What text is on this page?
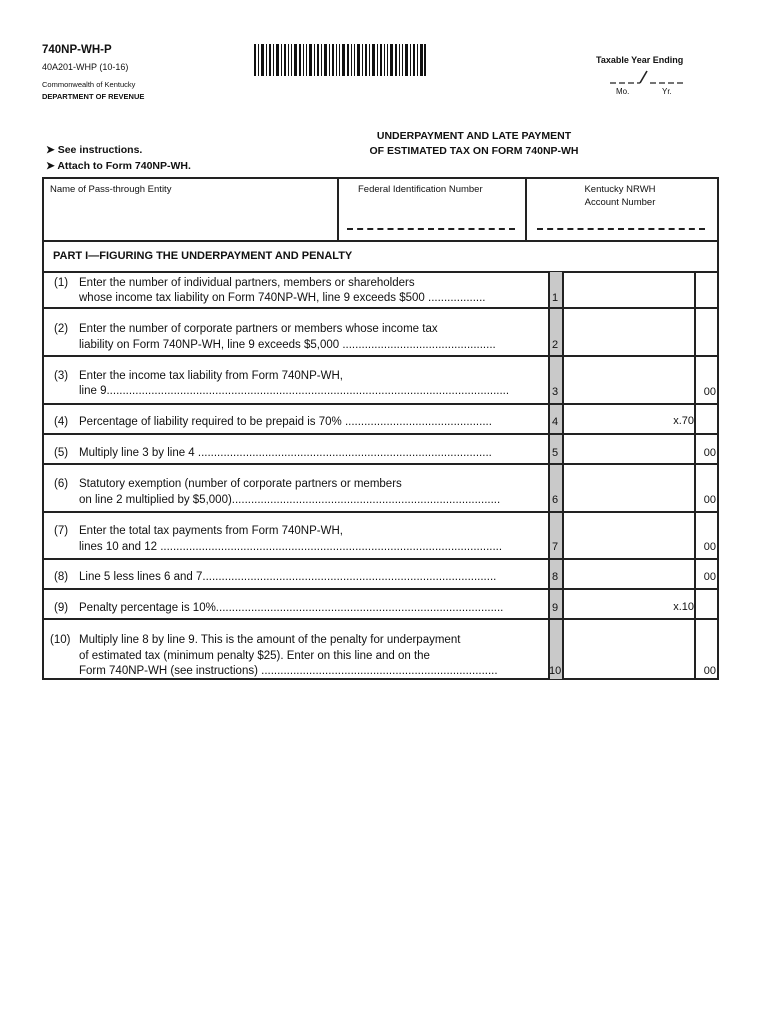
740NP-WH-P
40A201-WHP (10-16)
Commonwealth of Kentucky
DEPARTMENT OF REVENUE
Taxable Year Ending
Mo.	Yr.
➤ See instructions.
➤ Attach to Form 740NP-WH.
UNDERPAYMENT AND LATE PAYMENT
OF ESTIMATED TAX ON FORM 740NP-WH
Name of Pass-through Entity	Federal Identification Number	Kentucky NRWH
Account Number
PART I—FIGURING THE UNDERPAYMENT AND PENALTY
(1) Enter the number of individual partners, members or shareholders
whose income tax liability on Form 740NP-WH, line 9 exceeds $500 ..................	1
(2) Enter the number of corporate partners or members whose income tax
liability on Form 740NP-WH, line 9 exceeds $5,000 ................................................	2
(3) Enter the income tax liability from Form 740NP-WH,
line 9..............................................................................................................................	3	00
(4) Percentage of liability required to be prepaid is 70% ..............................................	4	x.70
(5) Multiply line 3 by line 4 ............................................................................................	5	00
(6) Statutory exemption (number of corporate partners or members
on line 2 multiplied by $5,000)....................................................................................	6	00
(7) Enter the total tax payments from Form 740NP-WH,
lines 10 and 12 ...........................................................................................................	7	00
(8) Line 5 less lines 6 and 7............................................................................................	8	00
(9) Penalty percentage is 10%..........................................................................................	9	x.10
(10) Multiply line 8 by line 9. This is the amount of the penalty for underpayment
of estimated tax (minimum penalty $25). Enter on this line and on the
Form 740NP-WH (see instructions) ..........................................................................	10	00
